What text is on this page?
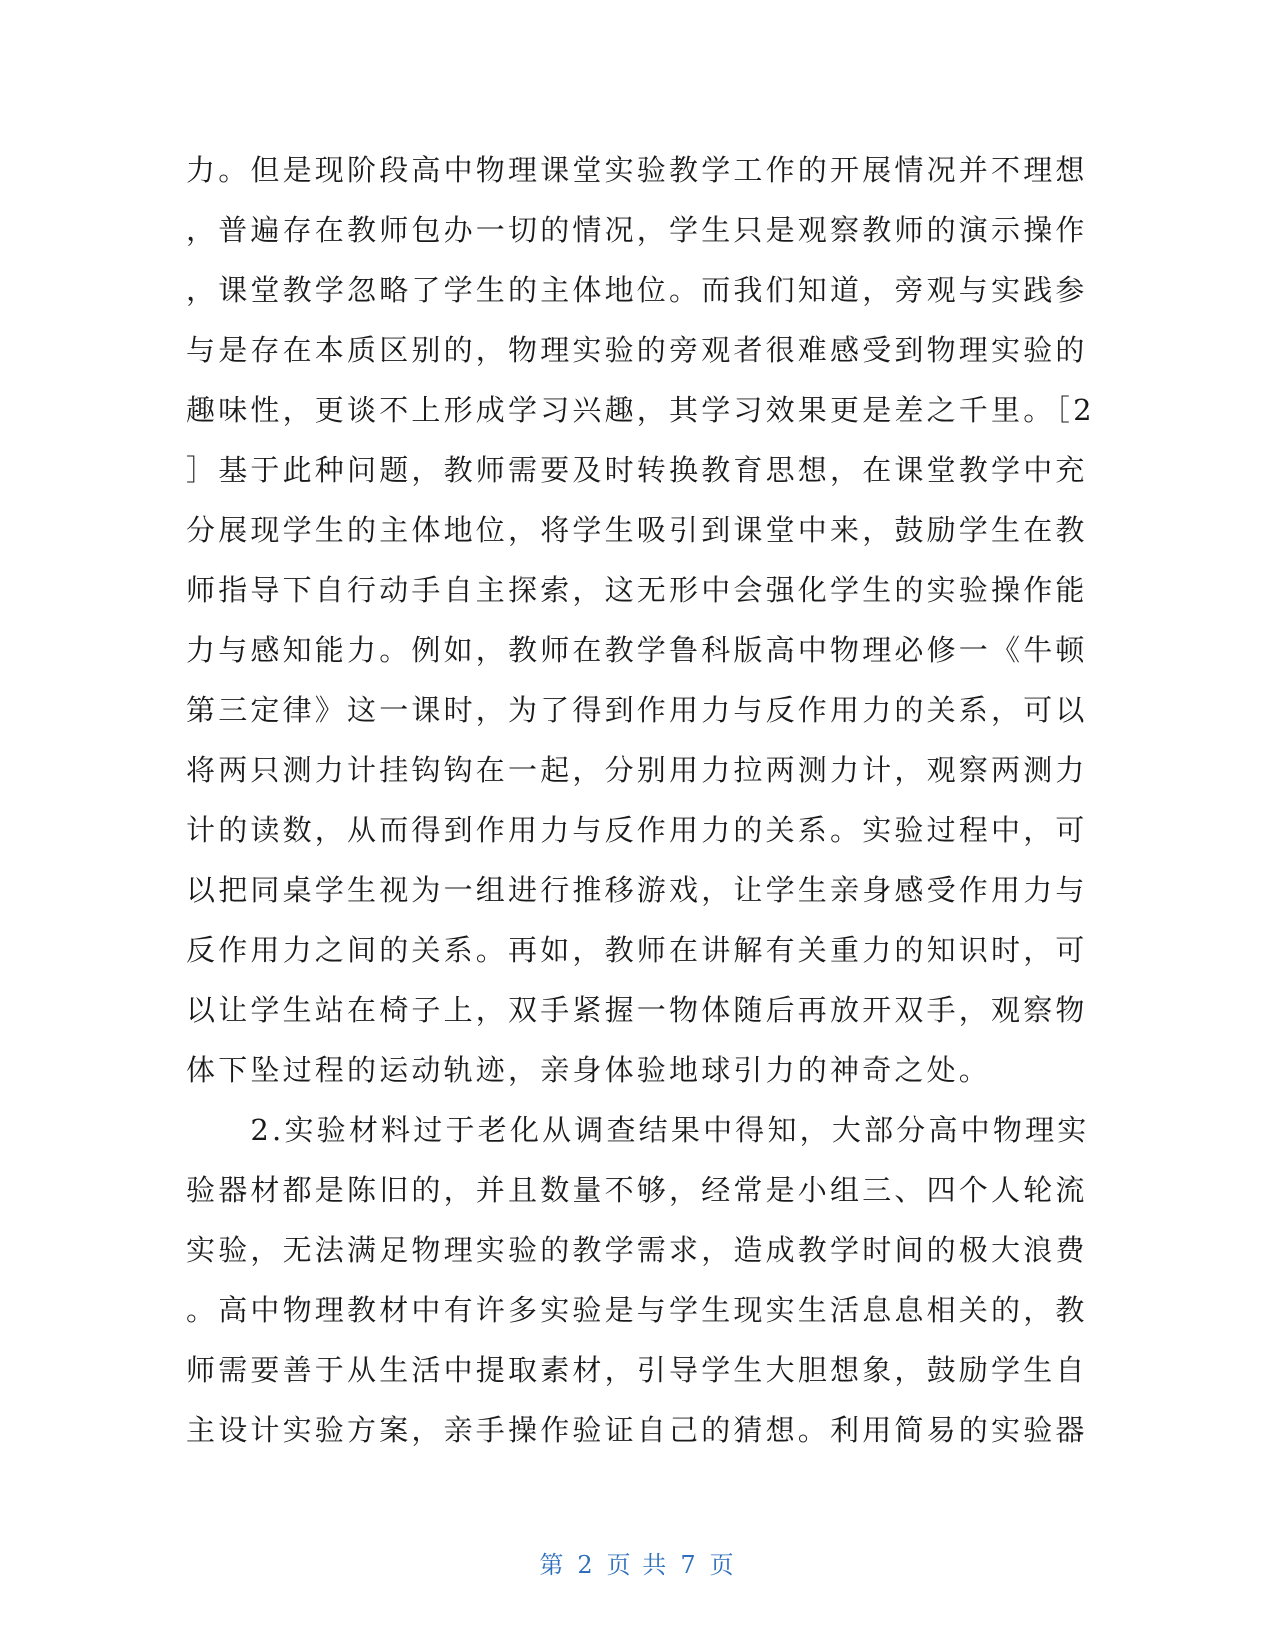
力。但是现阶段高中物理课堂实验教学工作的开展情况并不理想
，普遍存在教师包办一切的情况，学生只是观察教师的演示操作
，课堂教学忽略了学生的主体地位。而我们知道，旁观与实践参
与是存在本质区别的，物理实验的旁观者很难感受到物理实验的
趣味性，更谈不上形成学习兴趣，其学习效果更是差之千里。［2
］基于此种问题，教师需要及时转换教育思想，在课堂教学中充
分展现学生的主体地位，将学生吸引到课堂中来，鼓励学生在教
师指导下自行动手自主探索，这无形中会强化学生的实验操作能
力与感知能力。例如，教师在教学鲁科版高中物理必修一《牛顿
第三定律》这一课时，为了得到作用力与反作用力的关系，可以
将两只测力计挂钩钩在一起，分别用力拉两测力计，观察两测力
计的读数，从而得到作用力与反作用力的关系。实验过程中，可
以把同桌学生视为一组进行推移游戏，让学生亲身感受作用力与
反作用力之间的关系。再如，教师在讲解有关重力的知识时，可
以让学生站在椅子上，双手紧握一物体随后再放开双手，观察物
体下坠过程的运动轨迹，亲身体验地球引力的神奇之处。
　　2.实验材料过于老化从调查结果中得知，大部分高中物理实
验器材都是陈旧的，并且数量不够，经常是小组三、四个人轮流
实验，无法满足物理实验的教学需求，造成教学时间的极大浪费
。高中物理教材中有许多实验是与学生现实生活息息相关的，教
师需要善于从生活中提取素材，引导学生大胆想象，鼓励学生自
主设计实验方案，亲手操作验证自己的猜想。利用简易的实验器
第 2 页 共 7 页
